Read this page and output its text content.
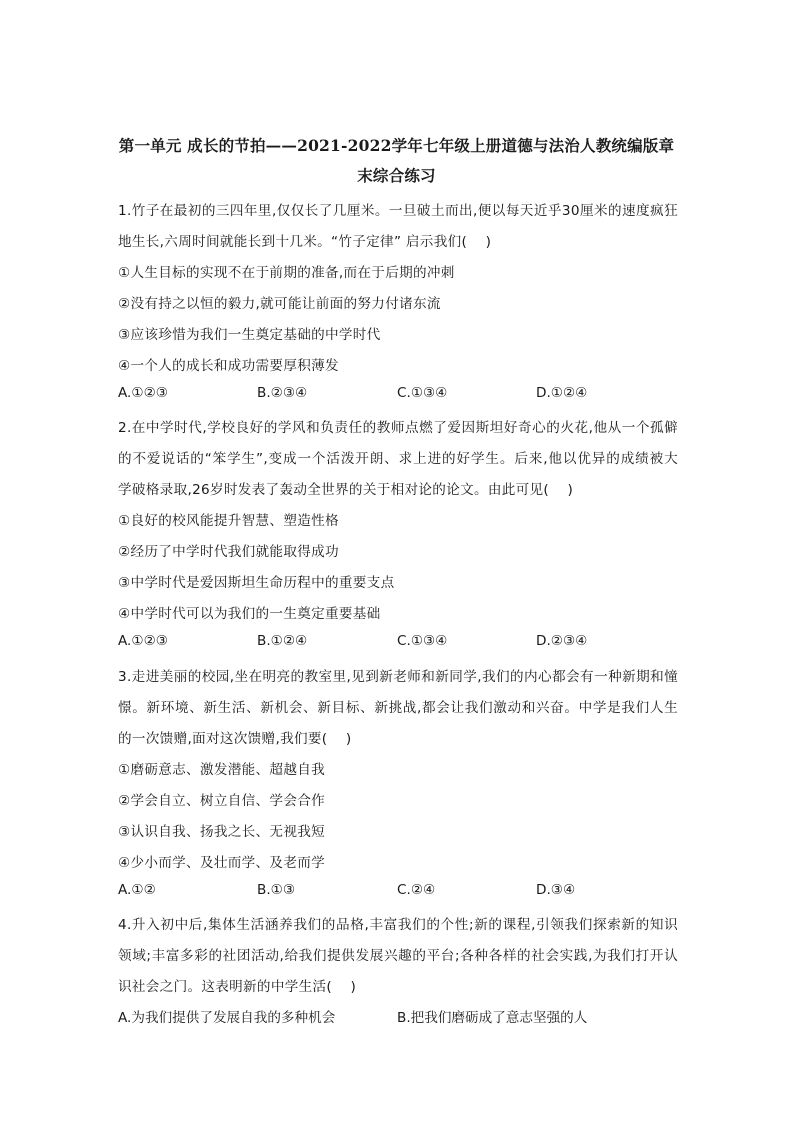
第一单元 成长的节拍——2021-2022学年七年级上册道德与法治人教统编版章
末综合练习
1.竹子在最初的三四年里,仅仅长了几厘米。一旦破土而出,便以每天近乎30厘米的速度疯狂
地生长,六周时间就能长到十几米。“竹子定律” 启示我们(　 )
①人生目标的实现不在于前期的准备,而在于后期的冲刺
②没有持之以恒的毅力,就可能让前面的努力付诸东流
③应该珍惜为我们一生奠定基础的中学时代
④一个人的成长和成功需要厚积薄发
A.①②③	B.②③④	C.①③④	D.①②④
2.在中学时代,学校良好的学风和负责任的教师点燃了爱因斯坦好奇心的火花,他从一个孤僻
的不爱说话的“笨学生”,变成一个活泼开朗、求上进的好学生。后来,他以优异的成绩被大
学破格录取,26岁时发表了轰动全世界的关于相对论的论文。由此可见(　 )
①良好的校风能提升智慧、塑造性格
②经历了中学时代我们就能取得成功
③中学时代是爱因斯坦生命历程中的重要支点
④中学时代可以为我们的一生奠定重要基础
A.①②③	B.①②④	C.①③④	D.②③④
3.走进美丽的校园,坐在明亮的教室里,见到新老师和新同学,我们的内心都会有一种新期和憧
憬。新环境、新生活、新机会、新目标、新挑战,都会让我们激动和兴奋。中学是我们人生
的一次馈赠,面对这次馈赠,我们要(　 )
①磨砺意志、激发潜能、超越自我
②学会自立、树立自信、学会合作
③认识自我、扬我之长、无视我短
④少小而学、及壮而学、及老而学
A.①②	B.①③	C.②④	D.③④
4.升入初中后,集体生活涵养我们的品格,丰富我们的个性;新的课程,引领我们探索新的知识
领域;丰富多彩的社团活动,给我们提供发展兴趣的平台;各种各样的社会实践,为我们打开认
识社会之门。这表明新的中学生活(　 )
A.为我们提供了发展自我的多种机会	B.把我们磨砺成了意志坚强的人
